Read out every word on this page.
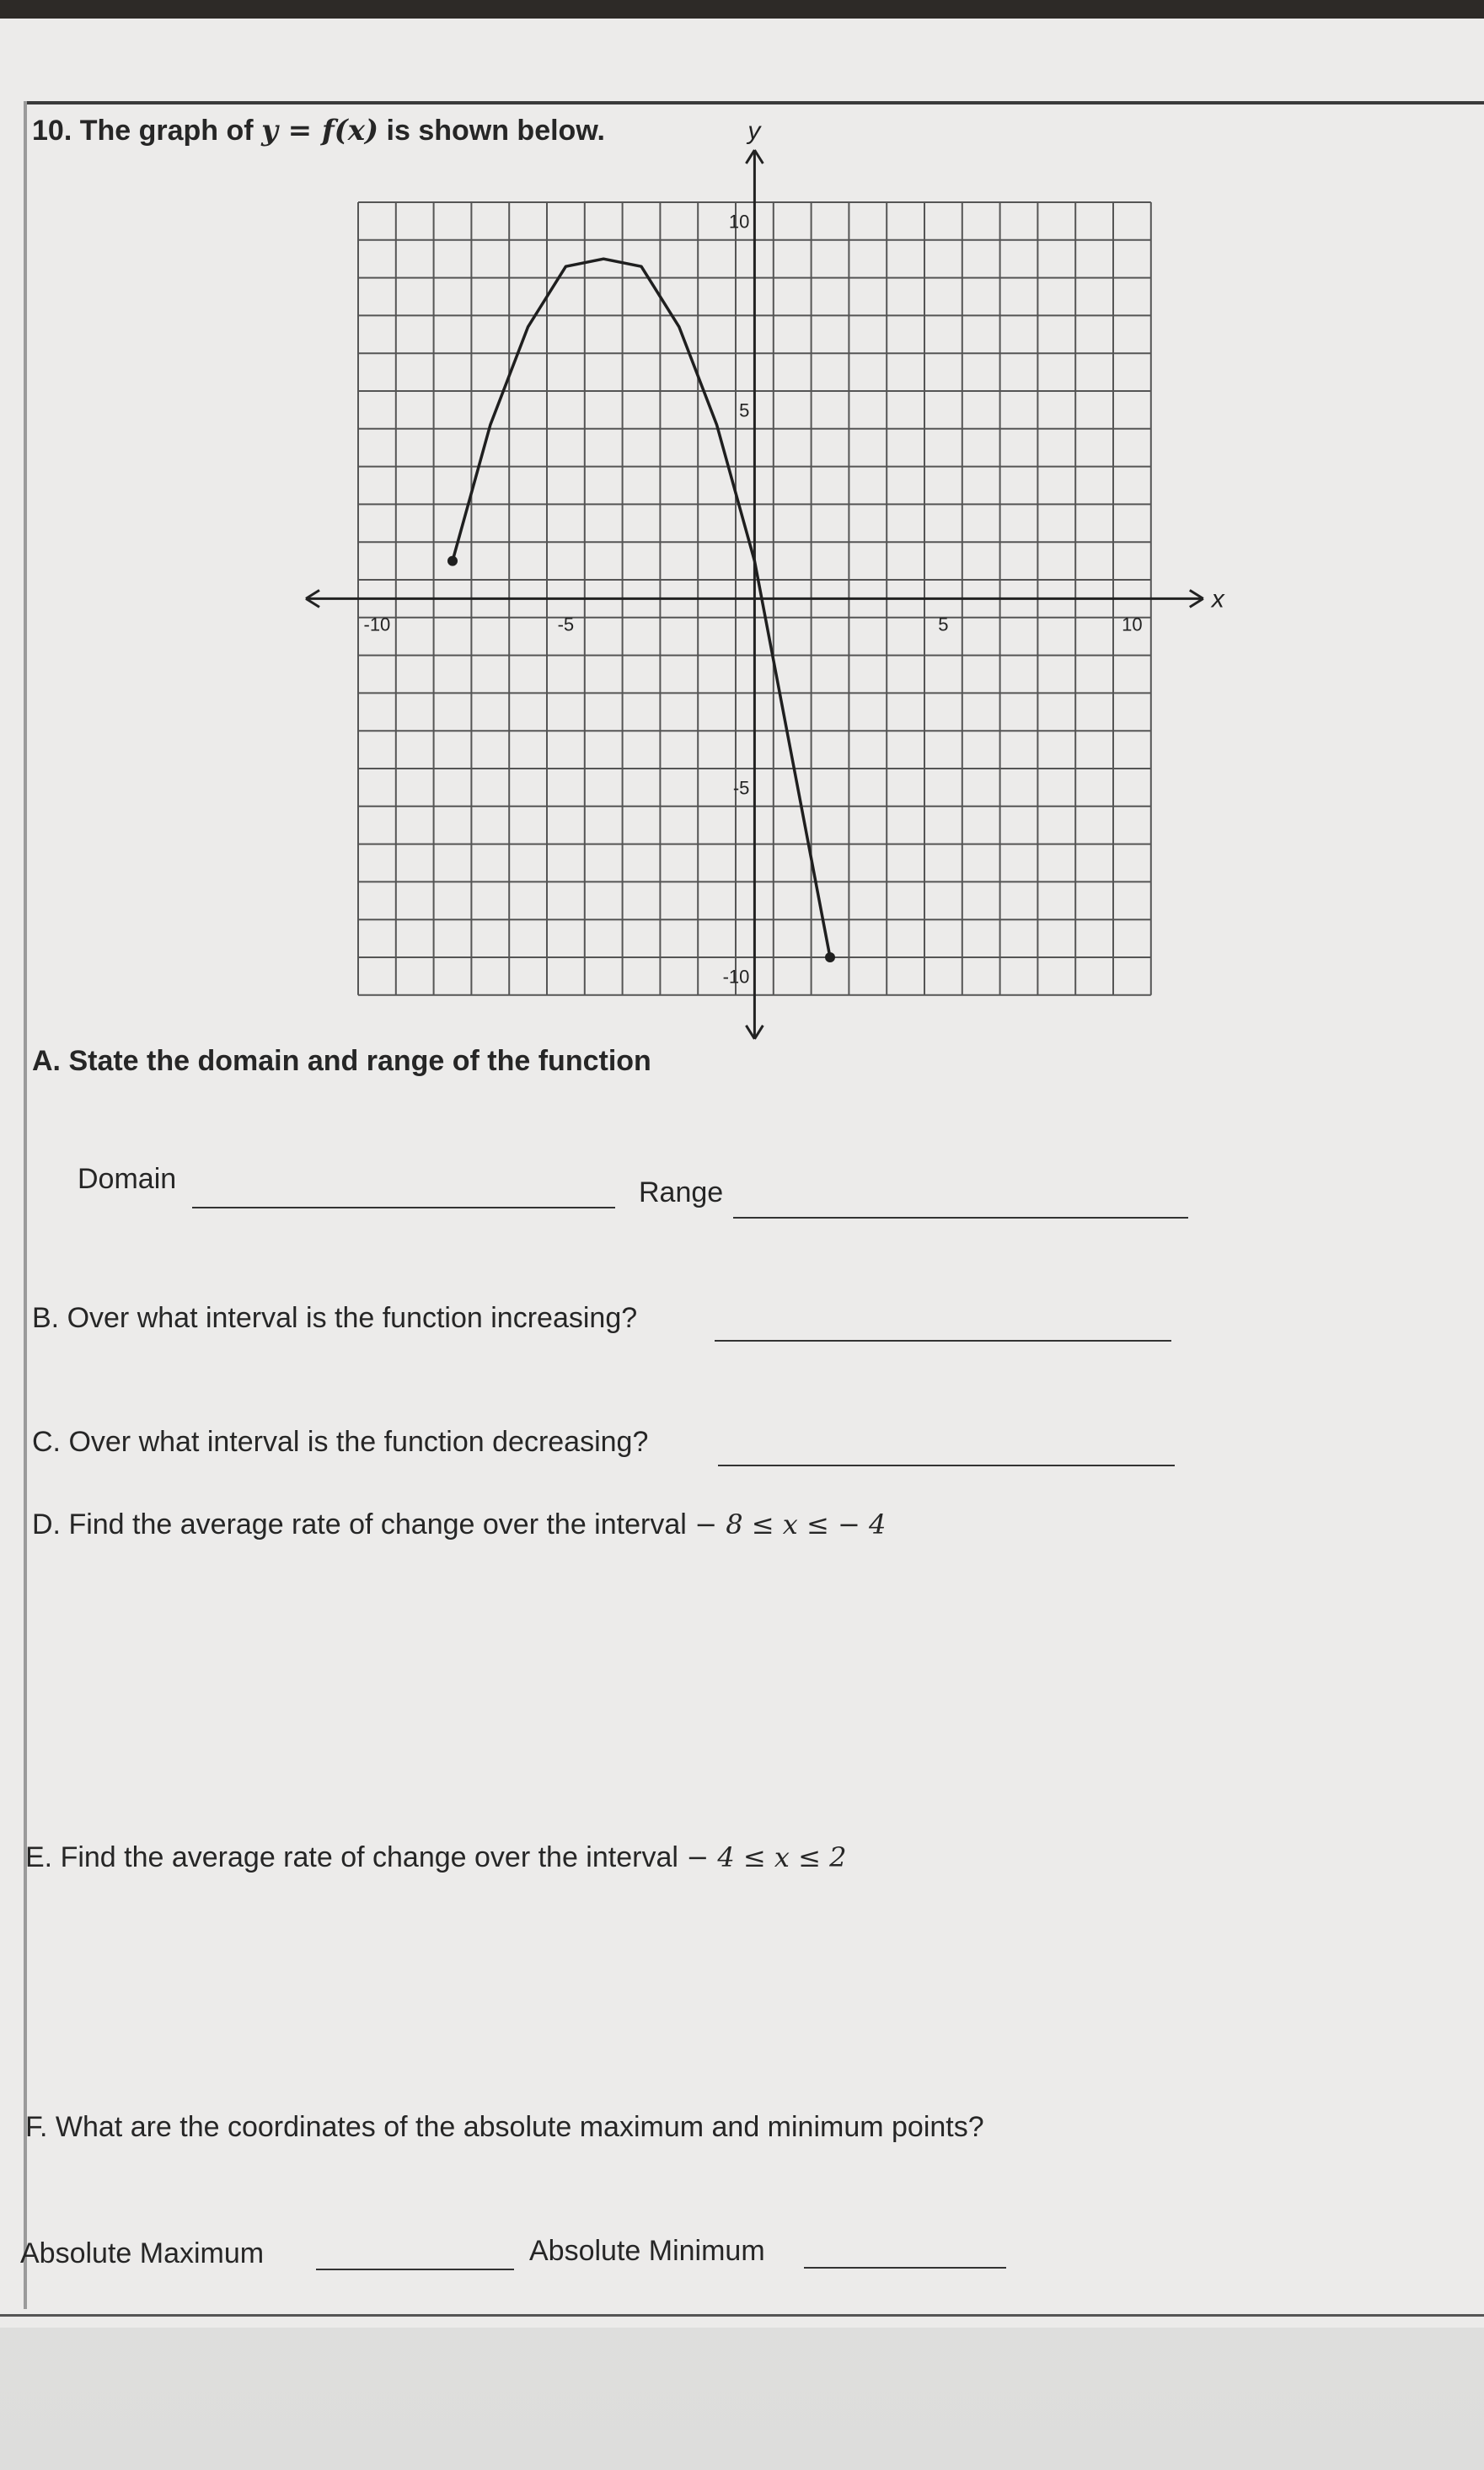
10. The graph of y = f(x) is shown below.
-10	-5	5	10
10
5
-5
-10
x
y
A. State the domain and range of the function
Domain	Range
B. Over what interval is the function increasing?
C. Over what interval is the function decreasing?
D. Find the average rate of change over the interval − 8 ≤ x ≤ − 4
E. Find the average rate of change over the interval − 4 ≤ x ≤ 2
F. What are the coordinates of the absolute maximum and minimum points?
Absolute Maximum	Absolute Minimum
